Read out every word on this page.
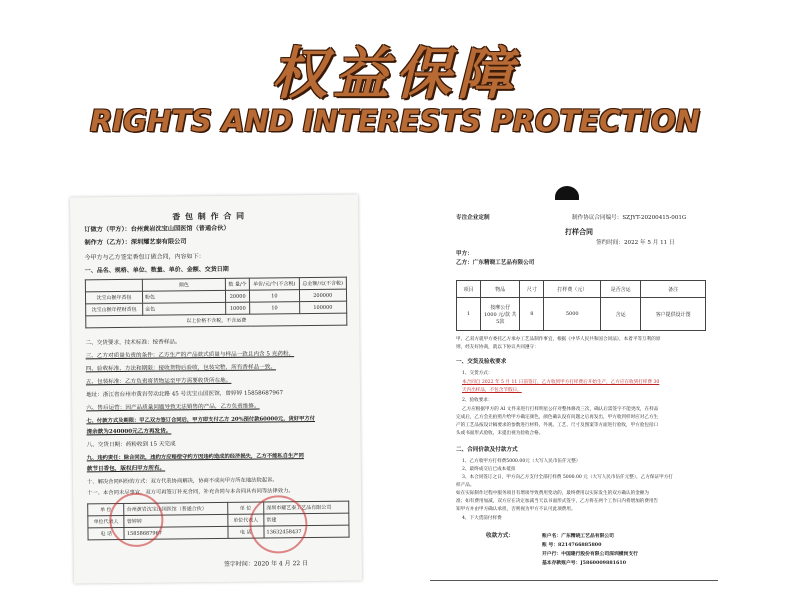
权益保障
RIGHTS AND INTERESTS PROTECTION
香 包 制 作 合 同
订做方（甲方）：台州黄岩沈宝山国医馆（普通合伙）
制作方（乙方）：深圳耀艺泰有限公司
今甲方与乙方签定香包订做合同，内容如下：
一、品名、规格、单位、数量、单价、金额、交货日期
	颜色	数 量/个	单价/元/个(不含税)	总金额/元(不含税)
沈宝山猴年香包	粉色	20000	10	200000
沈宝山猴年捏财香包	金色	10000	10	100000
以上价格不含税，不含运费				
二、交货要求，技术标准：按香样品。
三、乙方对质量负责的条件：乙方生产的产品款式质量与样品一致且内含 5 克药粉。
四、验收标准、方法和期限：接收货物后验收，包装完整，所有香样品一致。
五、包装标准：乙方负责将货物运至甲方需要收货所在地。
地址：浙江省台州市黄岩劳动北路 45 号沈宝山国医馆，曾婷婷 15858687967
六、售后运营：因产品质量问题导致无法销售的产品，乙方负责维修。
七、付款方式及期限：甲乙双方签订合同后，甲方即支付乙方 20%预付款60000元，货好甲方付
清余款为240000元乙方再发货。
八、交货日期：药粉收到 15 天完成
九、违约责任：除合同法，违约方应赔偿守约方因违约造成的经济损失，乙方不能私自生产同
款节日香包，版权归甲方所有。
十、解决合同纠纷的方式：双方代表协商解决，协商不成向甲方所在地法院起诉。
十一、本合同未尽事宜，双方可再签订补充合同，补充合同与本合同具有同等法律效力。
单 位	台州黄岩沈宝山国医馆（普通合伙）	单 位	深圳市耀艺泰工艺品有限公司
单位代表人	曾婷婷	单位代表人	常建
电 话	15858687967	电 话	13632458437
签字时间：2020 年 4 月 22 日
专注企业定制	制作协议合同编号：SZJYT-20200415-001G
打样合同
签约时间：2022 年 5 月 11 日
甲方：
乙方：广东精晓工艺品有限公司
项目	物品	尺寸	打样费（元）	是否含运	备注
1	按摩公仔 1000 元/款 共5款	8	5000	含运	客户提供设计图
甲、乙双方就甲方委托乙方承办工艺品制作事宜，根据《中华人民共和国合同法》，本着平等互利的原
则，经友好协商，就以下协议共同遵守：
一、交货及验收要求
1、交货方式：
本合同自 2022 年 5 月 11 日前签订，乙方收到甲方打样费后开始生产，乙方应在收到打样费 30
天内出样品，不包含节假日。
2、验收要求：
乙方应根据甲方的 AI 文件来进行打样明星公仔对整体修改三次，确认后需签字不能更改，在样品
完成后，乙方会先拍照片给甲方确定颜色，颜色确认没有问题之后再发出，甲方收到样时应对乙方生
产的工艺品按设计稿要求的参数进行材料、外观、工艺、尺寸及图案等方面进行验收，甲方验包括口
头或书面形式验收，未提出视为验收合格。
二、合同价款及付款方式
1、乙方收甲方打样费5000.00元（大写人民币伍仟元整）
2、最终成交后已成本抵扣
3、本合同签订之日，甲方向乙方支付全部打样费 5000.00 元（大写人民币伍仟元整），乙方保证甲方打
样产品。
如在实际制作过程中服务项目有增项导致费用变动的，最终费用以实际发生的双方确认的金额为
准；如有费用加减，双方应在决定加减当天以书面形式签字，乙方将在两个工作日内将增加的费用告
知甲方并由甲方确认承担，否则视为甲方不认可此项费用。
4、下大货前付样费
收款方式：	账户名：广东精晓工艺品有限公司
账 号：8214766885800
开户行：中国建行股份有限公司深圳横岗支行
基本存款账户号：J5860009881610
